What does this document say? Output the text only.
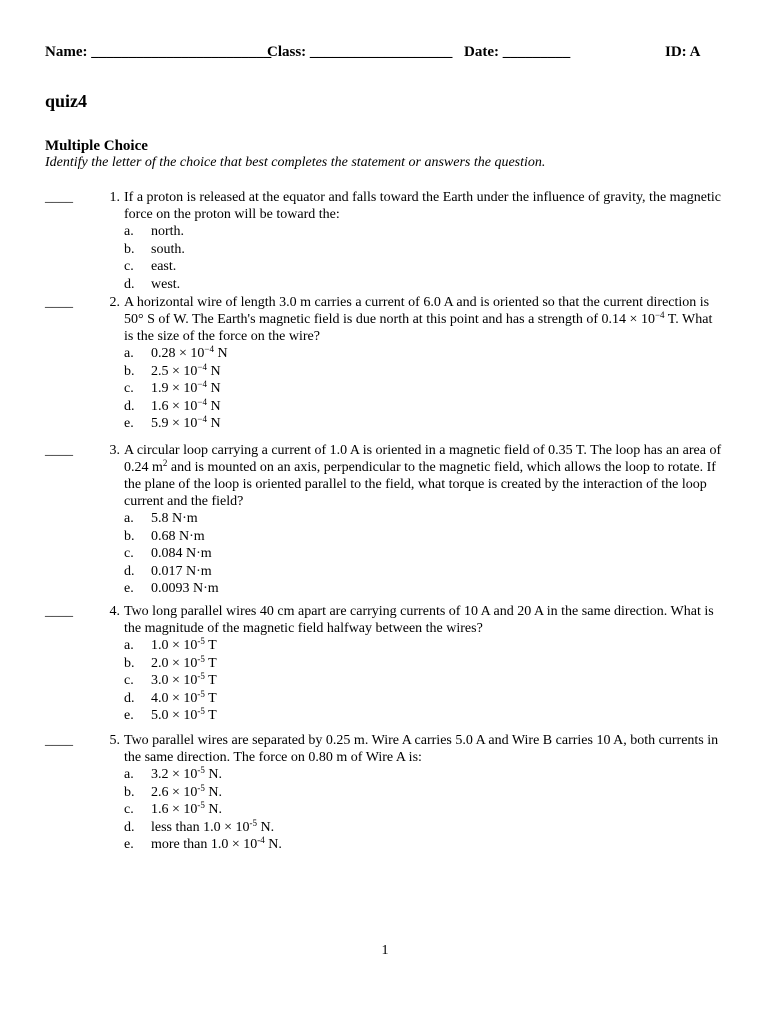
Name: ________________________
Class: ___________________ Date: _________	ID: A
quiz4
Multiple Choice
Identify the letter of the choice that best completes the statement or answers the question.
____	1. If a proton is released at the equator and falls toward the Earth under the influence of gravity, the magnetic force on the proton will be toward the:
a. north.
b. south.
c. east.
d. west.
____	2. A horizontal wire of length 3.0 m carries a current of 6.0 A and is oriented so that the current direction is 50° S of W. The Earth's magnetic field is due north at this point and has a strength of $0.14 \times 10^{-4}$ T. What is the size of the force on the wire?
a. $0.28 \times 10^{-4}$ N
b. $2.5 \times 10^{-4}$ N
c. $1.9 \times 10^{-4}$ N
d. $1.6 \times 10^{-4}$ N
e. $5.9 \times 10^{-4}$ N
____	3. A circular loop carrying a current of 1.0 A is oriented in a magnetic field of 0.35 T. The loop has an area of 0.24 $m^2$ and is mounted on an axis, perpendicular to the magnetic field, which allows the loop to rotate. If the plane of the loop is oriented parallel to the field, what torque is created by the interaction of the loop current and the field?
a. 5.8 N·m
b. 0.68 N·m
c. 0.084 N·m
d. 0.017 N·m
e. 0.0093 N·m
____	4. Two long parallel wires 40 cm apart are carrying currents of 10 A and 20 A in the same direction. What is the magnitude of the magnetic field halfway between the wires?
a. $1.0 \times 10^{-5}$ T
b. $2.0 \times 10^{-5}$ T
c. $3.0 \times 10^{-5}$ T
d. $4.0 \times 10^{-5}$ T
e. $5.0 \times 10^{-5}$ T
____	5. Two parallel wires are separated by 0.25 m. Wire A carries 5.0 A and Wire B carries 10 A, both currents in the same direction. The force on 0.80 m of Wire A is:
a. $3.2 \times 10^{-5}$ N.
b. $2.6 \times 10^{-5}$ N.
c. $1.6 \times 10^{-5}$ N.
d. less than $1.0 \times 10^{-5}$ N.
e. more than $1.0 \times 10^{-4}$ N.
1
